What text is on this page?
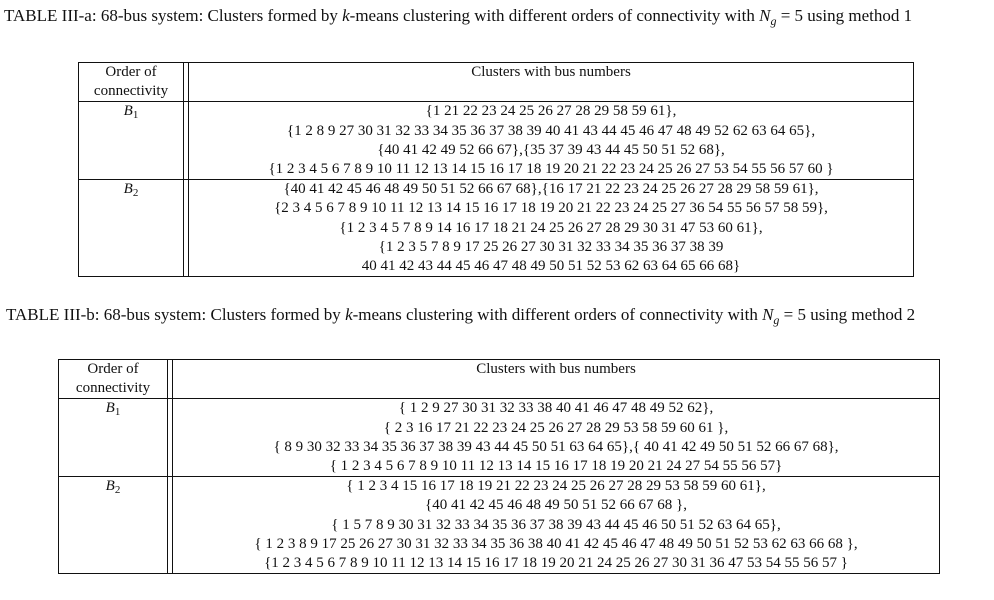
TABLE III-a: 68-bus system: Clusters formed by k-means clustering with different orders of connectivity with $N_g = 5$ using method 1
Order of
connectivity		Clusters with bus numbers

$B_1$		{1 21 22 23 24 25 26 27 28 29 58 59 61},
{1 2 8 9 27 30 31 32 33 34 35 36 37 38 39 40 41 43 44 45 46 47 48 49 52 62 63 64 65},
{40 41 42 49 52 66 67},{35 37 39 43 44 45 50 51 52 68},
{1 2 3 4 5 6 7 8 9 10 11 12 13 14 15 16 17 18 19 20 21 22 23 24 25 26 27 53 54 55 56 57 60 }

$B_2$		{40 41 42 45 46 48 49 50 51 52 66 67 68},{16 17 21 22 23 24 25 26 27 28 29 58 59 61},
{2 3 4 5 6 7 8 9 10 11 12 13 14 15 16 17 18 19 20 21 22 23 24 25 27 36 54 55 56 57 58 59},
{1 2 3 4 5 7 8 9 14 16 17 18 21 24 25 26 27 28 29 30 31 47 53 60 61},
{1 2 3 5 7 8 9 17 25 26 27 30 31 32 33 34 35 36 37 38 39
40 41 42 43 44 45 46 47 48 49 50 51 52 53 62 63 64 65 66 68}
TABLE III-b: 68-bus system: Clusters formed by k-means clustering with different orders of connectivity with $N_g = 5$ using method 2
Order of
connectivity		Clusters with bus numbers

$B_1$		{ 1 2 9 27 30 31 32 33 38 40 41 46 47 48 49 52 62},
{ 2 3 16 17 21 22 23 24 25 26 27 28 29 53 58 59 60 61 },
{ 8 9 30 32 33 34 35 36 37 38 39 43 44 45 50 51 63 64 65},{ 40 41 42 49 50 51 52 66 67 68},
{ 1 2 3 4 5 6 7 8 9 10 11 12 13 14 15 16 17 18 19 20 21 24 27 54 55 56 57}

$B_2$		{ 1 2 3 4 15 16 17 18 19 21 22 23 24 25 26 27 28 29 53 58 59 60 61},
{40 41 42 45 46 48 49 50 51 52 66 67 68 },
{ 1 5 7 8 9 30 31 32 33 34 35 36 37 38 39 43 44 45 46 50 51 52 63 64 65},
{ 1 2 3 8 9 17 25 26 27 30 31 32 33 34 35 36 38 40 41 42 45 46 47 48 49 50 51 52 53 62 63 66 68 },
{1 2 3 4 5 6 7 8 9 10 11 12 13 14 15 16 17 18 19 20 21 24 25 26 27 30 31 36 47 53 54 55 56 57 }
